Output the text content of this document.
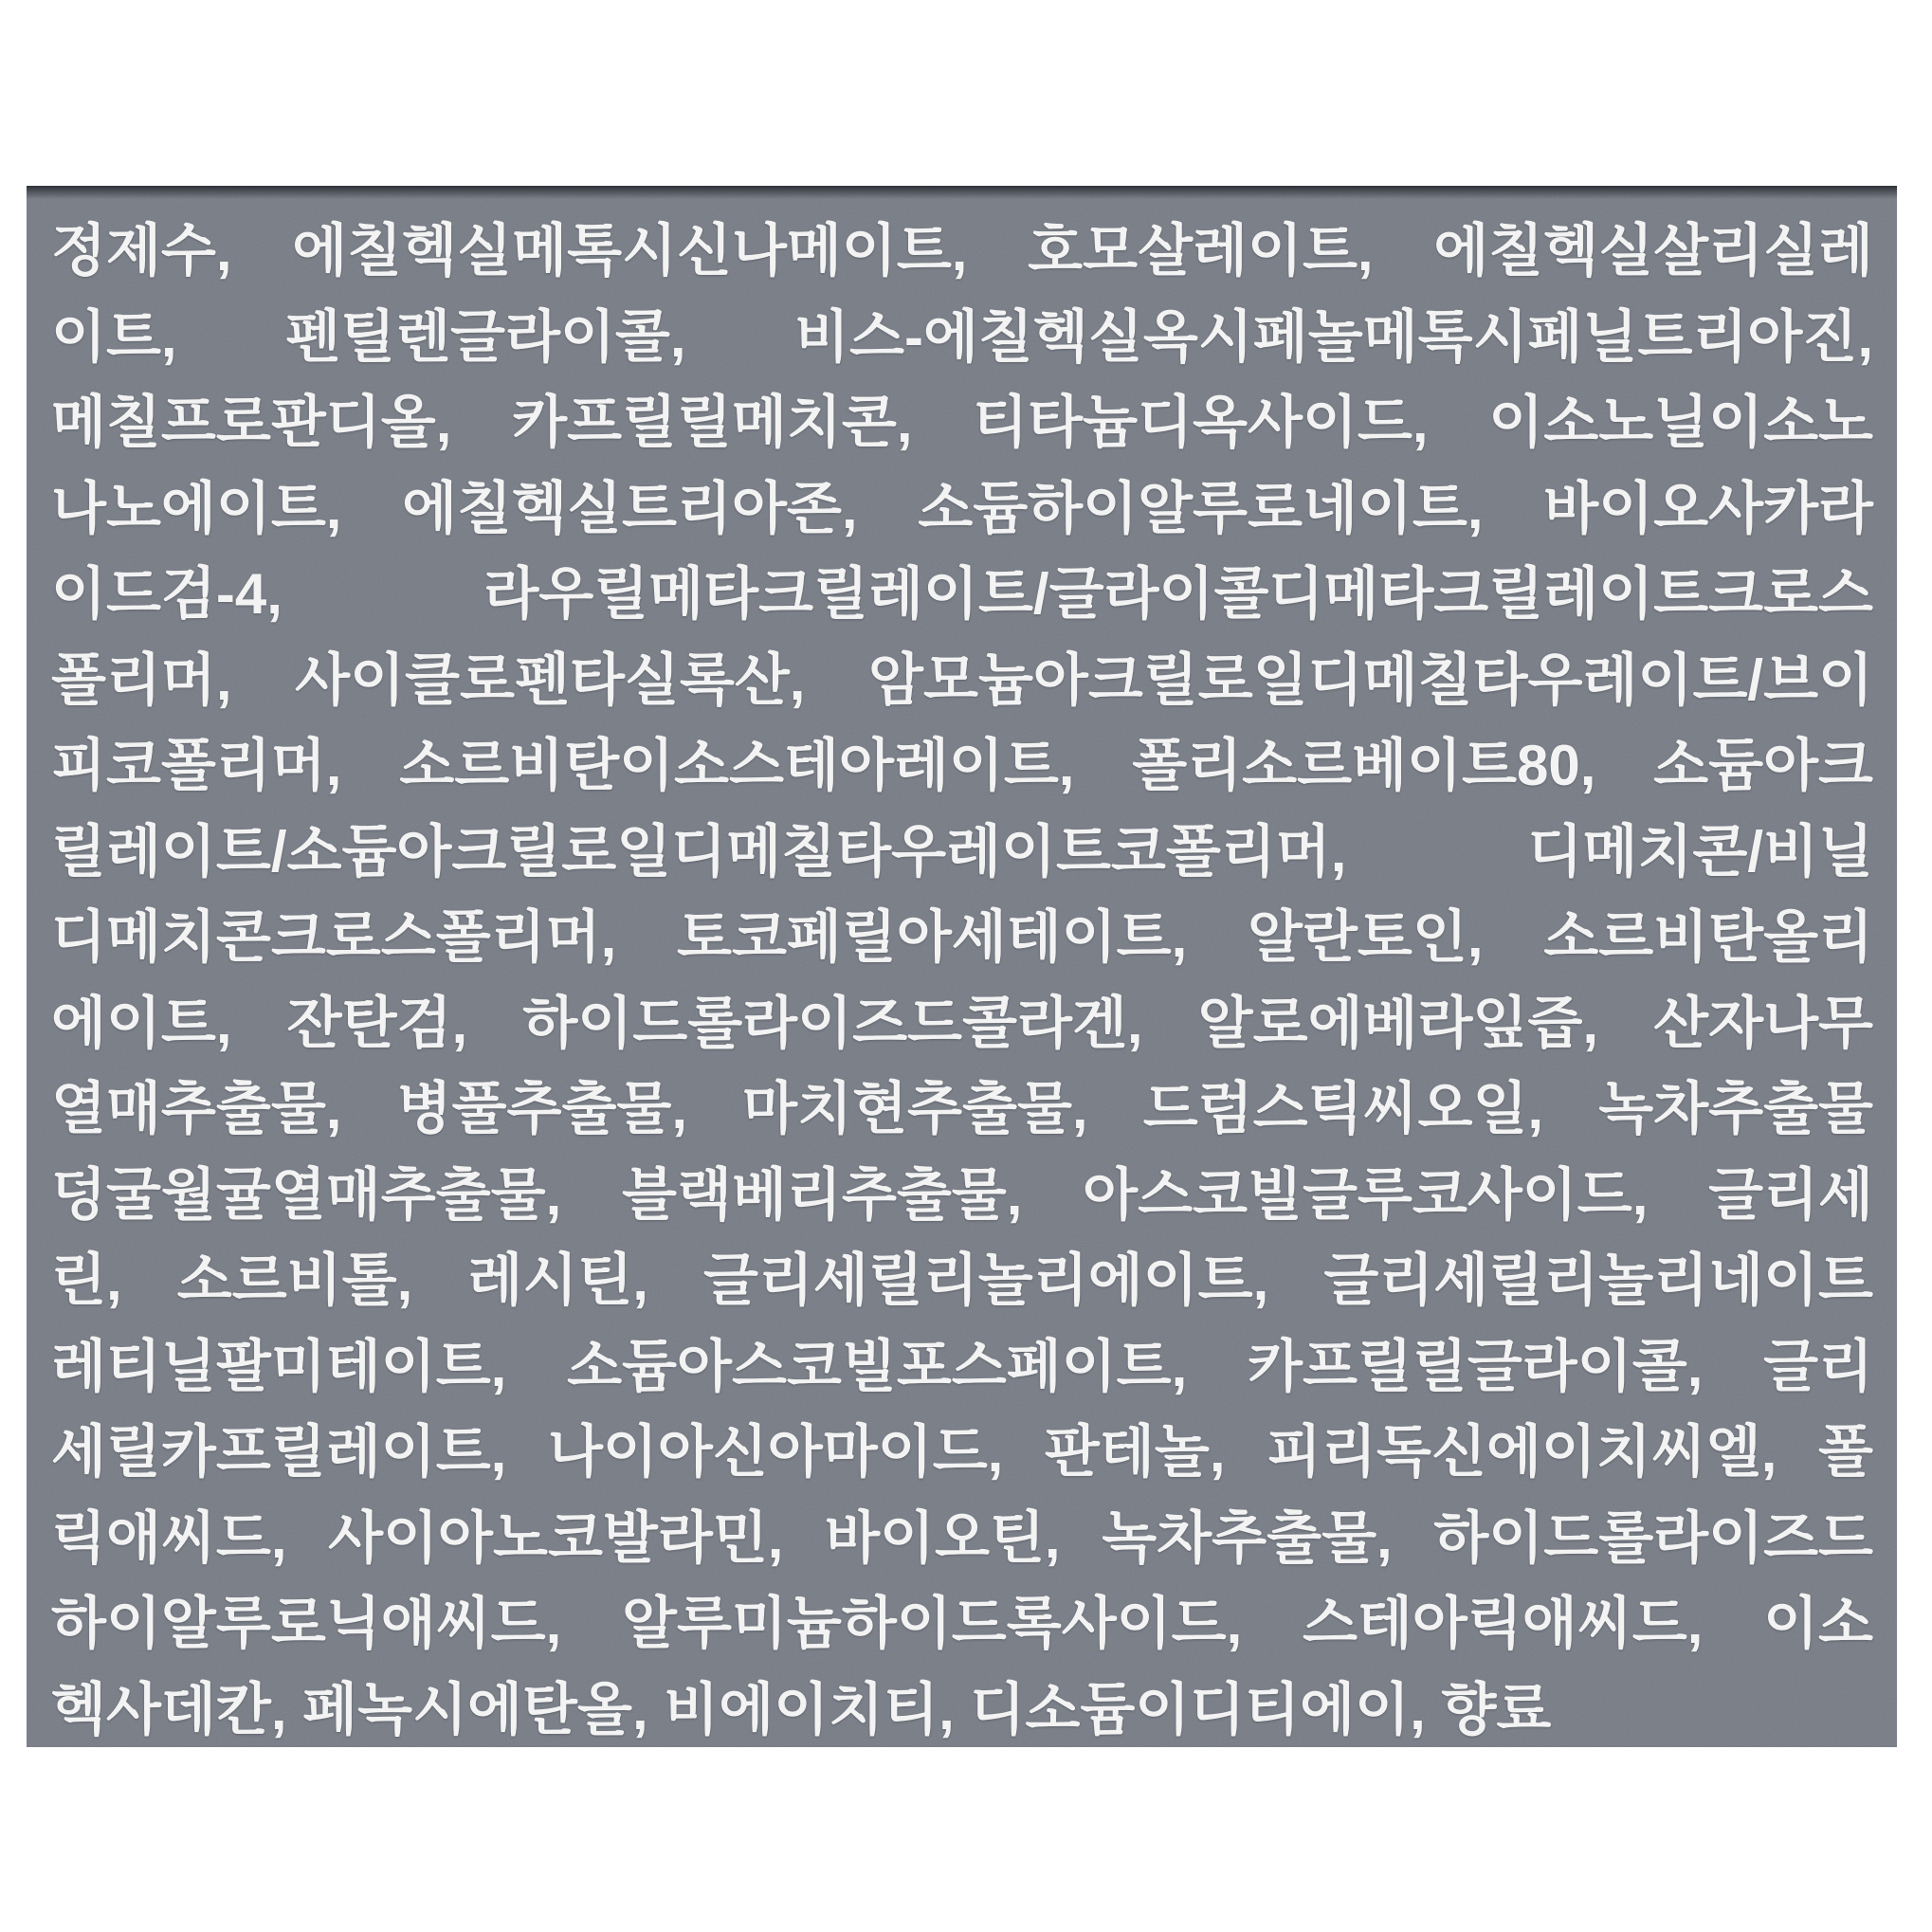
정제수, 에칠헥실메톡시신나메이트, 호모살레이트, 에칠헥실살리실레
이트, 펜틸렌글라이콜, 비스-에칠헥실옥시페놀메톡시페닐트리아진,
메칠프로판디올, 카프릴릴메치콘, 티타늄디옥사이드, 이소노닐이소노
나노에이트, 에칠헥실트리아존, 소듐하이알루로네이트, 바이오사카라
이드검-4, 라우릴메타크릴레이트/글라이콜디메타크릴레이트크로스
폴리머, 사이클로펜타실록산, 암모늄아크릴로일디메칠타우레이트/브이
피코폴리머, 소르비탄이소스테아레이트, 폴리소르베이트80, 소듐아크
릴레이트/소듐아크릴로일디메칠타우레이트코폴리머, 디메치콘/비닐
디메치콘크로스폴리머, 토코페릴아세테이트, 알란토인, 소르비탄올리
에이트, 잔탄검, 하이드롤라이즈드콜라겐, 알로에베라잎즙, 산자나무
열매추출물, 병풀추출물, 마치현추출물, 드럼스틱씨오일, 녹차추출물
덩굴월귤열매추출물, 블랙베리추출물, 아스코빌글루코사이드, 글리세
린, 소르비톨, 레시틴, 글리세릴리놀리에이트, 글리세릴리놀리네이트
레티닐팔미테이트, 소듐아스코빌포스페이트, 카프릴릴글라이콜, 글리
세릴카프릴레이트, 나이아신아마이드, 판테놀, 피리독신에이치씨엘, 폴
릭애씨드, 사이아노코발라민, 바이오틴, 녹차추출물, 하이드롤라이즈드
하이알루로닉애씨드, 알루미늄하이드록사이드, 스테아릭애씨드, 이소
헥사데칸, 페녹시에탄올, 비에이치티, 디소듐이디티에이, 향료
